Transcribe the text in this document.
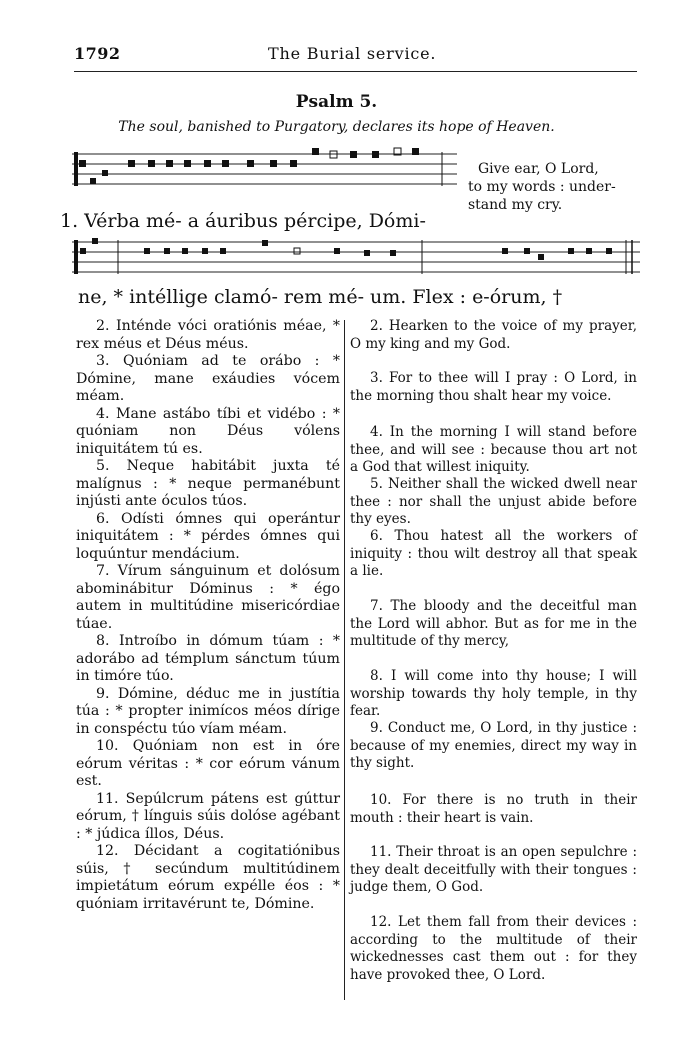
1792	The Burial service.
Psalm 5.
The soul, banished to Purgatory, declares its hope of Heaven.
1. Vérba mé- a áuribus pércipe, Dómi-
Give ear, O Lord,
to my words : under-
stand my cry.
ne, * intéllige clamó- rem mé- um. Flex : e-órum, †

2. Inténde vóci oratiónis méae, * rex méus et Déus méus.

3. Quóniam ad te orábo : * Dómine, mane exáudies vócem méam.

4. Mane astábo tíbi et vidébo : * quóniam non Déus vólens iniquitátem tú es.

5. Neque habitábit juxta té malígnus : * neque permanébunt injústi ante óculos túos.

6. Odísti ómnes qui operántur iniquitátem : * pérdes ómnes qui loquúntur mendácium.

7. Vírum sánguinum et dolósum abominábitur Dóminus : * égo autem in multitúdine misericórdiae túae.

8. Introíbo in dómum túam : * adorábo ad témplum sánctum túum in timóre túo.

9. Dómine, déduc me in justítia túa : * propter inimícos méos dírige in conspéctu túo víam méam.

10. Quóniam non est in óre eórum véritas : * cor eórum vánum est.

11. Sepúlcrum pátens est gúttur eórum, † línguis súis dolóse agébant : * júdica íllos, Déus.

12. Décidant a cogitatiónibus súis, † secúndum multitúdinem impietátum eórum expélle éos : * quóniam irritavérunt te, Dómine.

2. Hearken to the voice of my prayer, O my king and my God.

3. For to thee will I pray : O Lord, in the morning thou shalt hear my voice.

4. In the morning I will stand before thee, and will see : because thou art not a God that willest iniquity.

5. Neither shall the wicked dwell near thee : nor shall the unjust abide before thy eyes.

6. Thou hatest all the workers of iniquity : thou wilt destroy all that speak a lie.

7. The bloody and the deceitful man the Lord will abhor. But as for me in the multitude of thy mercy,

8. I will come into thy house; I will worship towards thy holy temple, in thy fear.

9. Conduct me, O Lord, in thy justice : because of my enemies, direct my way in thy sight.

10. For there is no truth in their mouth : their heart is vain.

11. Their throat is an open sepulchre : they dealt deceitfully with their tongues : judge them, O God.

12. Let them fall from their devices : according to the multitude of their wickednesses cast them out : for they have provoked thee, O Lord.
